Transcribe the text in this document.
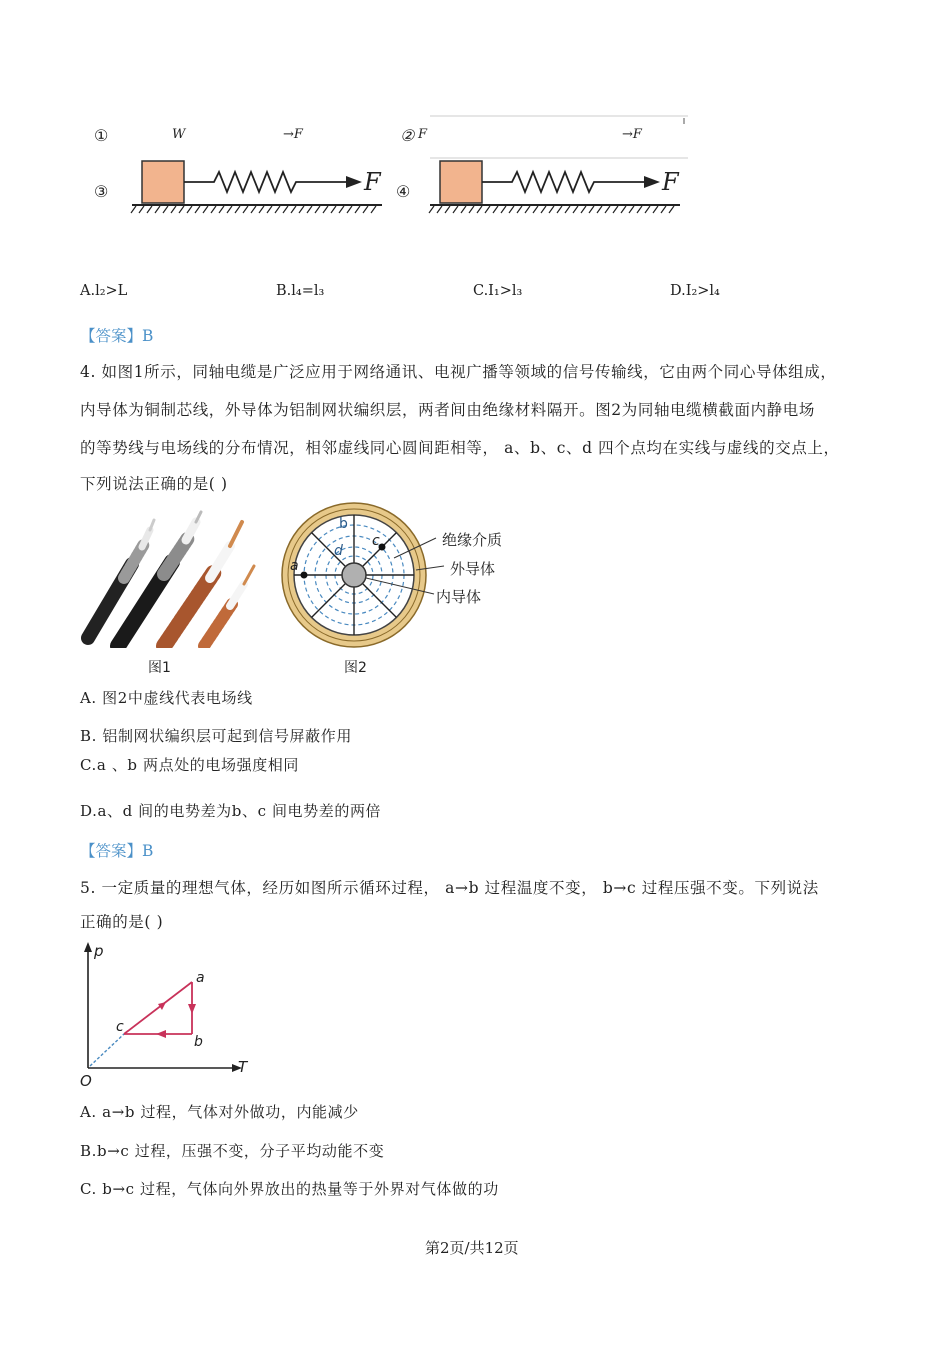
①	W	→F	② F	→F
③	④
F	F
A.l₂>L	B.l₄=l₃	C.I₁>l₃	D.I₂>l₄
【答案】B
4. 如图1所示，同轴电缆是广泛应用于网络通讯、电视广播等领域的信号传输线，它由两个同心导体组成，
内导体为铜制芯线，外导体为铝制网状编织层，两者间由绝缘材料隔开。图2为同轴电缆横截面内静电场
的等势线与电场线的分布情况，相邻虚线同心圆间距相等， a、b、c、d 四个点均在实线与虚线的交点上，
下列说法正确的是( )
图1
a
b
c
d
绝缘介质
外导体
内导体
图2
A. 图2中虚线代表电场线
B. 铝制网状编织层可起到信号屏蔽作用
C.a 、b 两点处的电场强度相同
D.a、d 间的电势差为b、c 间电势差的两倍
【答案】B
5. 一定质量的理想气体，经历如图所示循环过程， a→b 过程温度不变， b→c 过程压强不变。下列说法
正确的是( )
p
T
O
a
b
c
A. a→b 过程，气体对外做功，内能减少
B.b→c 过程，压强不变，分子平均动能不变
C. b→c 过程，气体向外界放出的热量等于外界对气体做的功
第2页/共12页
